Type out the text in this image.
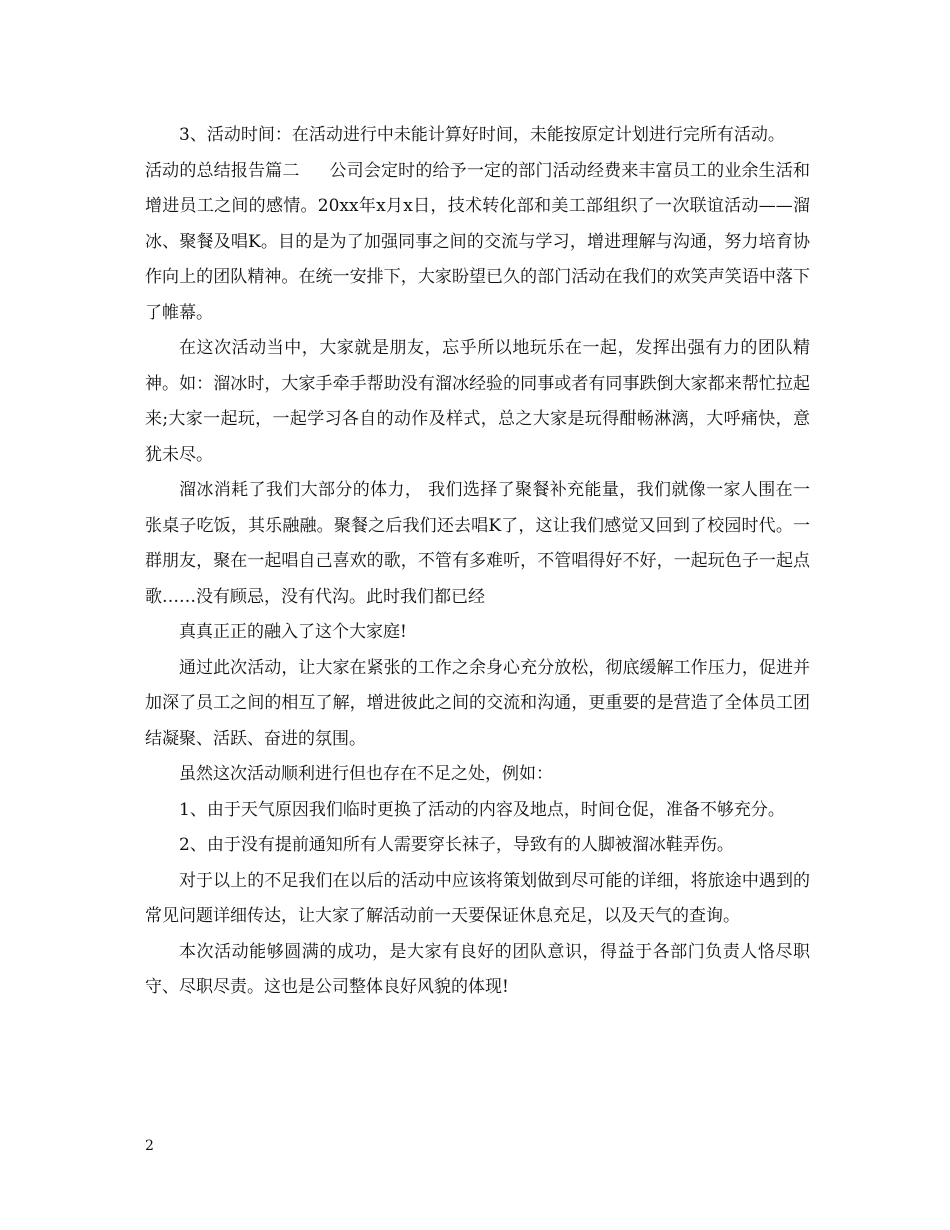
3、活动时间：在活动进行中未能计算好时间，未能按原定计划进行完所有活动。

活动的总结报告篇二 公司会定时的给予一定的部门活动经费来丰富员工的业余生活和增进员工之间的感情。20xx年x月x日，技术转化部和美工部组织了一次联谊活动——溜冰、聚餐及唱K。目的是为了加强同事之间的交流与学习，增进理解与沟通，努力培育协作向上的团队精神。在统一安排下，大家盼望已久的部门活动在我们的欢笑声笑语中落下了帷幕。

在这次活动当中，大家就是朋友，忘乎所以地玩乐在一起，发挥出强有力的团队精神。如：溜冰时，大家手牵手帮助没有溜冰经验的同事或者有同事跌倒大家都来帮忙拉起来;大家一起玩，一起学习各自的动作及样式，总之大家是玩得酣畅淋漓，大呼痛快，意犹未尽。

溜冰消耗了我们大部分的体力， 我们选择了聚餐补充能量，我们就像一家人围在一张桌子吃饭，其乐融融。聚餐之后我们还去唱K了，这让我们感觉又回到了校园时代。一群朋友，聚在一起唱自己喜欢的歌，不管有多难听，不管唱得好不好，一起玩色子一起点歌……没有顾忌，没有代沟。此时我们都已经

真真正正的融入了这个大家庭!

通过此次活动，让大家在紧张的工作之余身心充分放松，彻底缓解工作压力，促进并加深了员工之间的相互了解，增进彼此之间的交流和沟通，更重要的是营造了全体员工团结凝聚、活跃、奋进的氛围。

虽然这次活动顺利进行但也存在不足之处，例如：

1、由于天气原因我们临时更换了活动的内容及地点，时间仓促，准备不够充分。

2、由于没有提前通知所有人需要穿长袜子，导致有的人脚被溜冰鞋弄伤。

对于以上的不足我们在以后的活动中应该将策划做到尽可能的详细，将旅途中遇到的常见问题详细传达，让大家了解活动前一天要保证休息充足，以及天气的查询。

本次活动能够圆满的成功，是大家有良好的团队意识，得益于各部门负责人恪尽职守、尽职尽责。这也是公司整体良好风貌的体现!

2
